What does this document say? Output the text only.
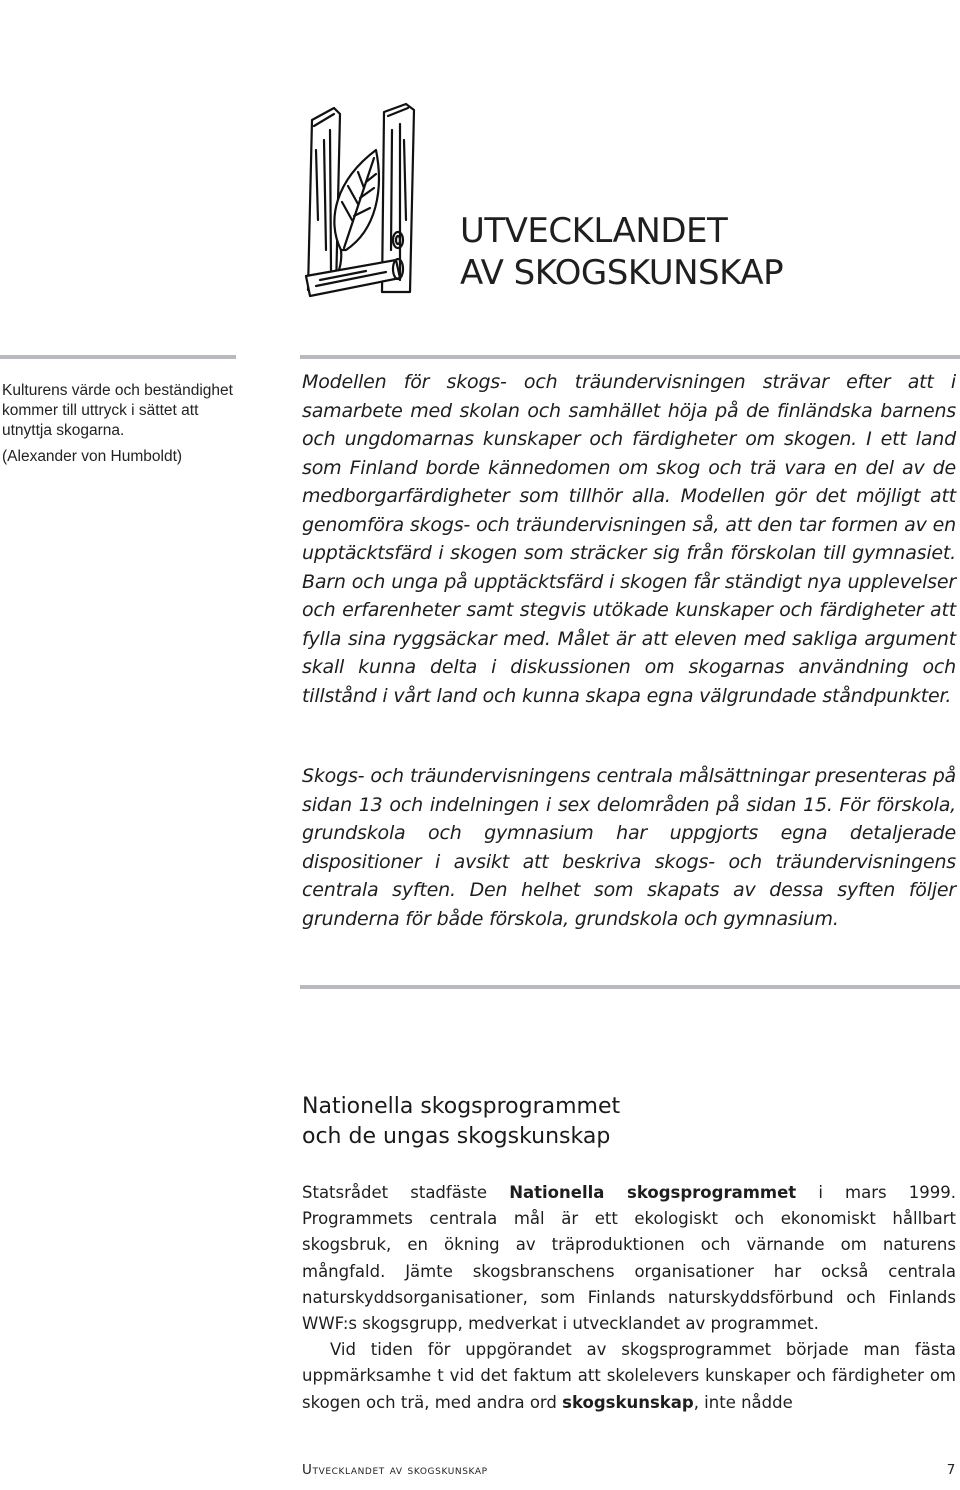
UTVECKLANDET
AV SKOGSKUNSKAP

Kulturens värde och beständighet kommer till uttryck i sättet att utnyttja skogarna.

(Alexander von Humboldt)

Modellen för skogs- och träundervisningen strävar efter att i samarbete med skolan och samhället höja på de finländska barnens och ungdomarnas kunskaper och färdigheter om skogen. I ett land som Finland borde kännedomen om skog och trä vara en del av de medborgarfärdigheter som tillhör alla. Modellen gör det möjligt att genomföra skogs- och träundervisningen så, att den tar formen av en upptäcktsfärd i skogen som sträcker sig från förskolan till gymnasiet. Barn och unga på upptäcktsfärd i skogen får ständigt nya upplevelser och erfarenheter samt stegvis utökade kunskaper och färdigheter att fylla sina ryggsäckar med. Målet är att eleven med sakliga argument skall kunna delta i diskussionen om skogarnas användning och tillstånd i vårt land och kunna skapa egna välgrundade ståndpunkter.

Skogs- och träundervisningens centrala målsättningar presenteras på sidan 13 och indelningen i sex delområden på sidan 15. För förskola, grundskola och gymnasium har uppgjorts egna detaljerade dispositioner i avsikt att beskriva skogs- och träundervisningens centrala syften. Den helhet som skapats av dessa syften följer grunderna för både förskola, grundskola och gymnasium.

Nationella skogsprogrammet
och de ungas skogskunskap

Statsrådet stadfäste Nationella skogsprogrammet i mars 1999. Programmets centrala mål är ett ekologiskt och ekonomiskt hållbart skogsbruk, en ökning av träproduktionen och värnande om naturens mångfald. Jämte skogsbranschens organisationer har också centrala naturskyddsorganisationer, som Finlands naturskyddsförbund och Finlands WWF:s skogsgrupp, medverkat i utvecklandet av programmet.

Vid tiden för uppgörandet av skogsprogrammet började man fästa uppmärksamhe t vid det faktum att skolelevers kunskaper och färdigheter om skogen och trä, med andra ord skogskunskap, inte nådde

Utvecklandet av skogskunskap	7
